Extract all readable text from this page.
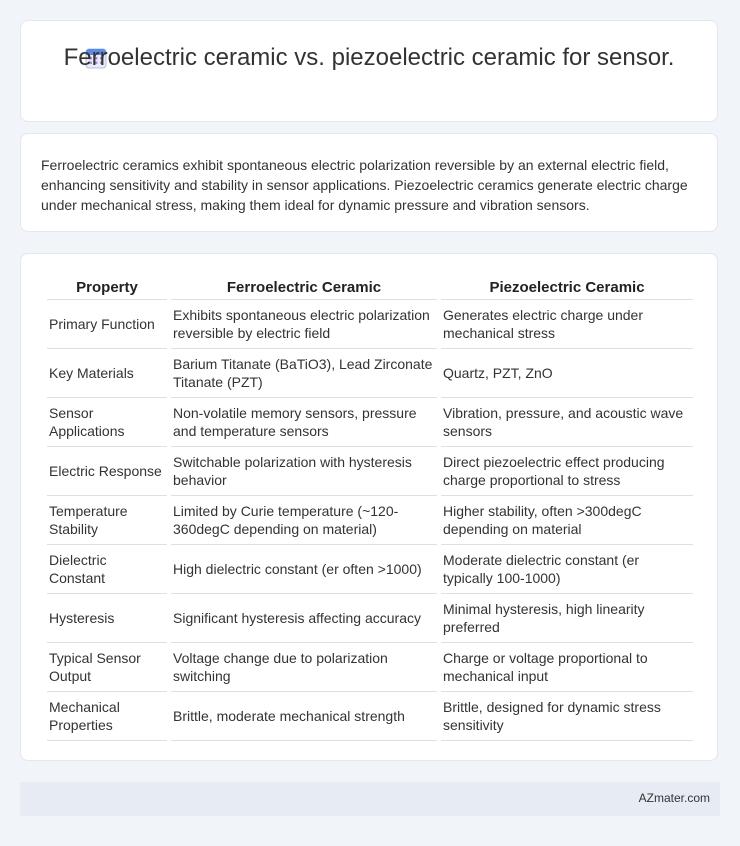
Ferroelectric ceramic vs. piezoelectric ceramic for sensor.
Ferroelectric ceramics exhibit spontaneous electric polarization reversible by an external electric field, enhancing sensitivity and stability in sensor applications. Piezoelectric ceramics generate electric charge under mechanical stress, making them ideal for dynamic pressure and vibration sensors.
Property	Ferroelectric Ceramic	Piezoelectric Ceramic
Primary Function	Exhibits spontaneous electric polarization reversible by electric field	Generates electric charge under mechanical stress
Key Materials	Barium Titanate (BaTiO3), Lead Zirconate Titanate (PZT)	Quartz, PZT, ZnO
Sensor Applications	Non-volatile memory sensors, pressure and temperature sensors	Vibration, pressure, and acoustic wave sensors
Electric Response	Switchable polarization with hysteresis behavior	Direct piezoelectric effect producing charge proportional to stress
Temperature Stability	Limited by Curie temperature (~120-360degC depending on material)	Higher stability, often >300degC depending on material
Dielectric Constant	High dielectric constant (er often >1000)	Moderate dielectric constant (er typically 100-1000)
Hysteresis	Significant hysteresis affecting accuracy	Minimal hysteresis, high linearity preferred
Typical Sensor Output	Voltage change due to polarization switching	Charge or voltage proportional to mechanical input
Mechanical Properties	Brittle, moderate mechanical strength	Brittle, designed for dynamic stress sensitivity
AZmater.com
